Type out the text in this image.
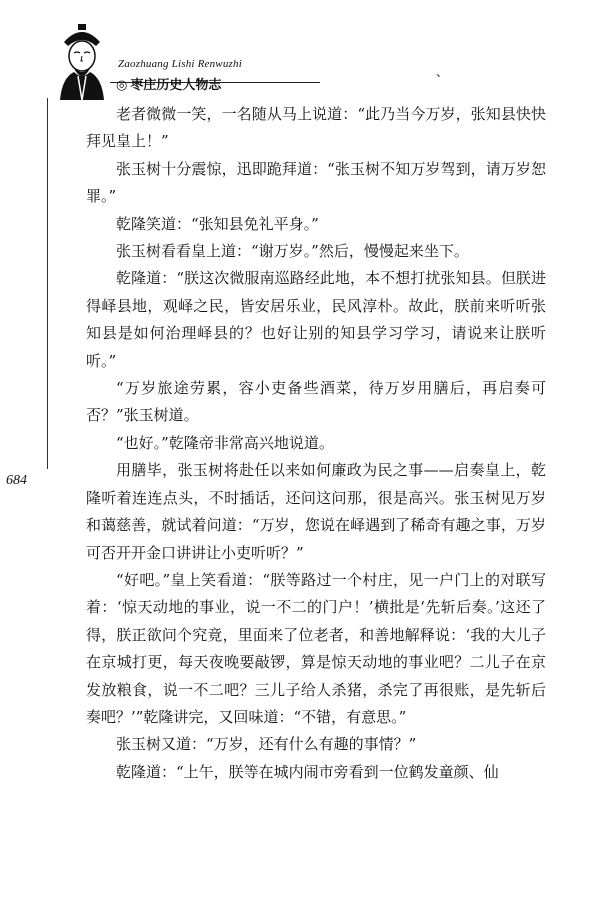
Zaozhuang Lishi Renwuzhi
◎ 枣庄历史人物志
、
684

老者微微一笑，一名随从马上说道：“此乃当今万岁，张知县快快拜见皇上！”

张玉树十分震惊，迅即跪拜道：“张玉树不知万岁驾到，请万岁恕罪。”

乾隆笑道：“张知县免礼平身。”

张玉树看看皇上道：“谢万岁。”然后，慢慢起来坐下。

乾隆道：“朕这次微服南巡路经此地，本不想打扰张知县。但朕进得峄县地，观峄之民，皆安居乐业，民风淳朴。故此，朕前来听听张知县是如何治理峄县的？也好让别的知县学习学习，请说来让朕听听。”

“万岁旅途劳累，容小吏备些酒菜，待万岁用膳后，再启奏可否？”张玉树道。

“也好。”乾隆帝非常高兴地说道。

用膳毕，张玉树将赴任以来如何廉政为民之事——启奏皇上，乾隆听着连连点头，不时插话，还问这问那，很是高兴。张玉树见万岁和蔼慈善，就试着问道：“万岁，您说在峄遇到了稀奇有趣之事，万岁可否开开金口讲讲让小吏听听？”

“好吧。”皇上笑看道：“朕等路过一个村庄，见一户门上的对联写着：‘惊天动地的事业，说一不二的门户！’横批是‘先斩后奏。’这还了得，朕正欲问个究竟，里面来了位老者，和善地解释说：‘我的大儿子在京城打更，每天夜晚要敲锣，算是惊天动地的事业吧？二儿子在京发放粮食，说一不二吧？三儿子给人杀猪，杀完了再很账，是先斩后奏吧？’”乾隆讲完，又回味道：“不错，有意思。”

张玉树又道：“万岁，还有什么有趣的事情？”

乾隆道：“上午，朕等在城内闹市旁看到一位鹤发童颜、仙
